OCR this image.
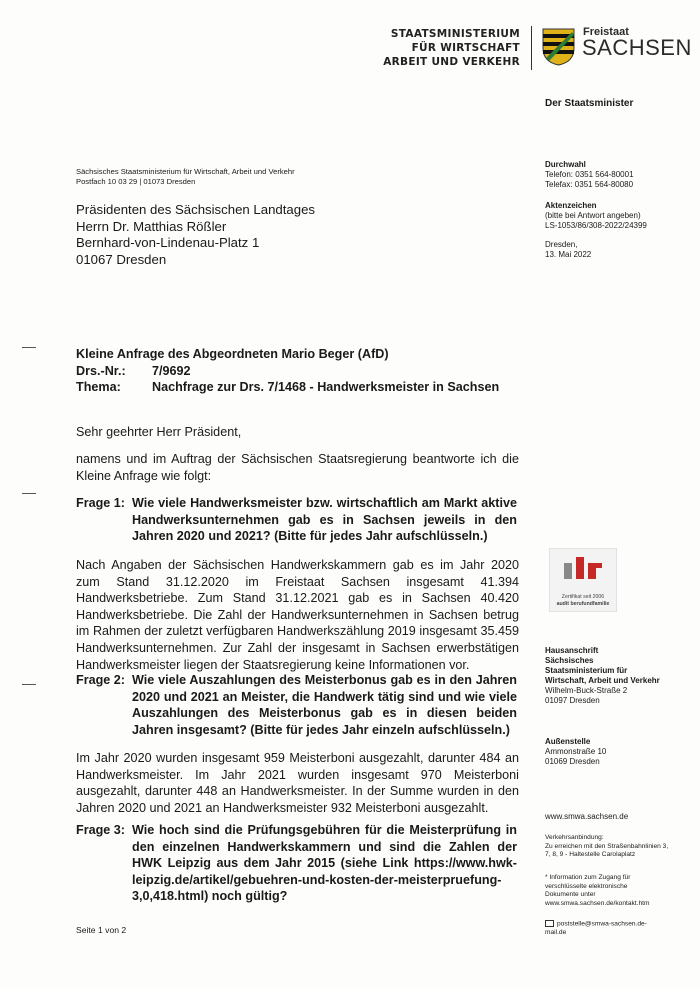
STAATSMINISTERIUM
FÜR WIRTSCHAFT
ARBEIT UND VERKEHR
Freistaat
SACHSEN
Der Staatsminister
Sächsisches Staatsministerium für Wirtschaft, Arbeit und Verkehr
Postfach 10 03 29 | 01073 Dresden
Präsidenten des Sächsischen Landtages
Herrn Dr. Matthias Rößler
Bernhard-von-Lindenau-Platz 1
01067 Dresden
Durchwahl
Telefon: 0351 564-80001
Telefax: 0351 564-80080
Aktenzeichen
(bitte bei Antwort angeben)
LS-1053/86/308-2022/24399
Dresden,
13. Mai 2022
Kleine Anfrage des Abgeordneten Mario Beger (AfD)
Drs.-Nr.: 7/9692
Thema: Nachfrage zur Drs. 7/1468 - Handwerksmeister in Sachsen
Sehr geehrter Herr Präsident,
namens und im Auftrag der Sächsischen Staatsregierung beantworte ich die Kleine Anfrage wie folgt:
Frage 1: Wie viele Handwerksmeister bzw. wirtschaftlich am Markt aktive Handwerksunternehmen gab es in Sachsen jeweils in den Jahren 2020 und 2021? (Bitte für jedes Jahr aufschlüsseln.)
Nach Angaben der Sächsischen Handwerkskammern gab es im Jahr 2020 zum Stand 31.12.2020 im Freistaat Sachsen insgesamt 41.394 Handwerksbetriebe. Zum Stand 31.12.2021 gab es in Sachsen 40.420 Handwerksbetriebe. Die Zahl der Handwerksunternehmen in Sachsen betrug im Rahmen der zuletzt verfügbaren Handwerkszählung 2019 insgesamt 35.459 Handwerksunternehmen. Zur Zahl der insgesamt in Sachsen erwerbstätigen Handwerksmeister liegen der Staatsregierung keine Informationen vor.
Frage 2: Wie viele Auszahlungen des Meisterbonus gab es in den Jahren 2020 und 2021 an Meister, die Handwerk tätig sind und wie viele Auszahlungen des Meisterbonus gab es in diesen beiden Jahren insgesamt? (Bitte für jedes Jahr einzeln aufschlüsseln.)
Im Jahr 2020 wurden insgesamt 959 Meisterboni ausgezahlt, darunter 484 an Handwerksmeister. Im Jahr 2021 wurden insgesamt 970 Meisterboni ausgezahlt, darunter 448 an Handwerksmeister. In der Summe wurden in den Jahren 2020 und 2021 an Handwerksmeister 932 Meisterboni ausgezahlt.
Frage 3: Wie hoch sind die Prüfungsgebühren für die Meisterprüfung in den einzelnen Handwerkskammern und sind die Zahlen der HWK Leipzig aus dem Jahr 2015 (siehe Link https://www.hwk-leipzig.de/artikel/gebuehren-und-kosten-der-meisterpruefung-3,0,418.html) noch gültig?
Zertifikat seit 2006
audit berufundfamilie
Hausanschrift
Sächsisches Staatsministerium für Wirtschaft, Arbeit und Verkehr
Wilhelm-Buck-Straße 2
01097 Dresden
Außenstelle
Ammonstraße 10
01069 Dresden
www.smwa.sachsen.de
Verkehrsanbindung:
Zu erreichen mit den Straßenbahnlinien 3, 7, 8, 9 - Haltestelle Carolaplatz
* Information zum Zugang für verschlüsselte elektronische Dokumente unter www.smwa.sachsen.de/kontakt.htm
poststelle@smwa-sachsen.de-mail.de
Seite 1 von 2
